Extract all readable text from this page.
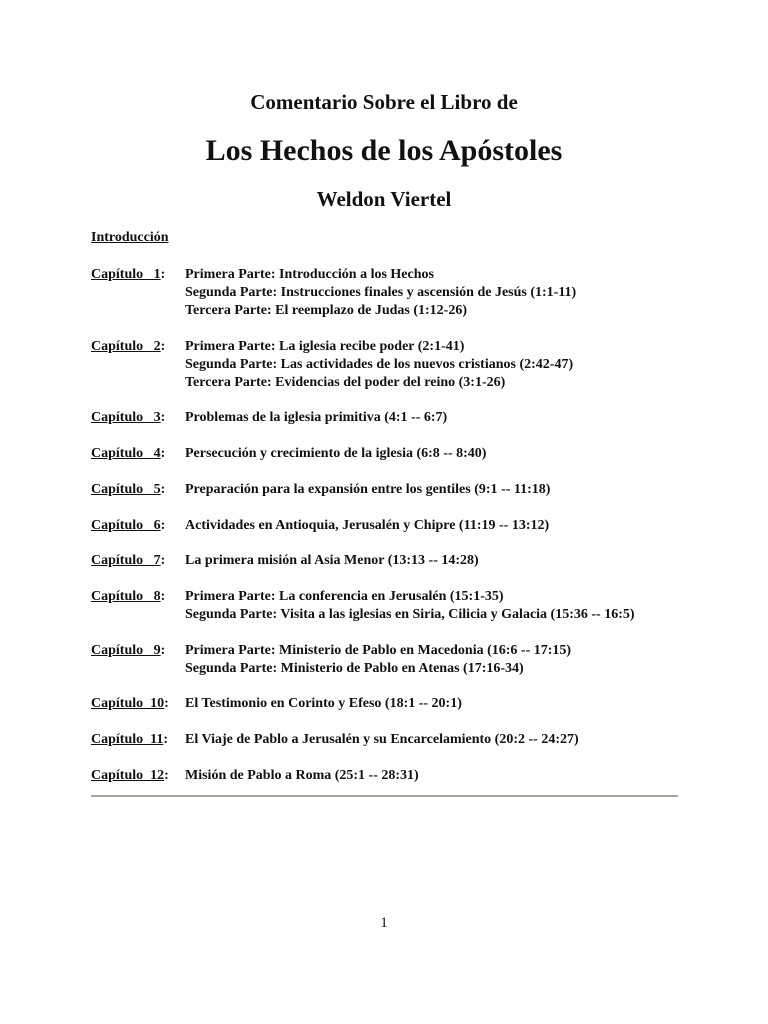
Comentario Sobre el Libro de
Los Hechos de los Apóstoles
Weldon Viertel
Introducción
Capítulo   1: Primera Parte: Introducción a los Hechos
Segunda Parte: Instrucciones finales y ascensión de Jesús (1:1-11)
Tercera Parte: El reemplazo de Judas (1:12-26)
Capítulo   2: Primera Parte: La iglesia recibe poder (2:1-41)
Segunda Parte: Las actividades de los nuevos cristianos (2:42-47)
Tercera Parte: Evidencias del poder del reino (3:1-26)
Capítulo   3: Problemas de la iglesia primitiva (4:1 -- 6:7)
Capítulo   4: Persecución y crecimiento de la iglesia (6:8 -- 8:40)
Capítulo   5: Preparación para la expansión entre los gentiles (9:1 -- 11:18)
Capítulo   6: Actividades en Antioquia, Jerusalén y Chipre (11:19 -- 13:12)
Capítulo   7: La primera misión al Asia Menor (13:13 -- 14:28)
Capítulo   8: Primera Parte: La conferencia en Jerusalén (15:1-35)
Segunda Parte: Visita a las iglesias en Siria, Cilicia y Galacia (15:36 -- 16:5)
Capítulo   9: Primera Parte: Ministerio de Pablo en Macedonia (16:6 -- 17:15)
Segunda Parte: Ministerio de Pablo en Atenas (17:16-34)
Capítulo  10: El Testimonio en Corinto y Efeso (18:1 -- 20:1)
Capítulo  11: El Viaje de Pablo a Jerusalén y su Encarcelamiento (20:2 -- 24:27)
Capítulo  12: Misión de Pablo a Roma (25:1 -- 28:31)
1
